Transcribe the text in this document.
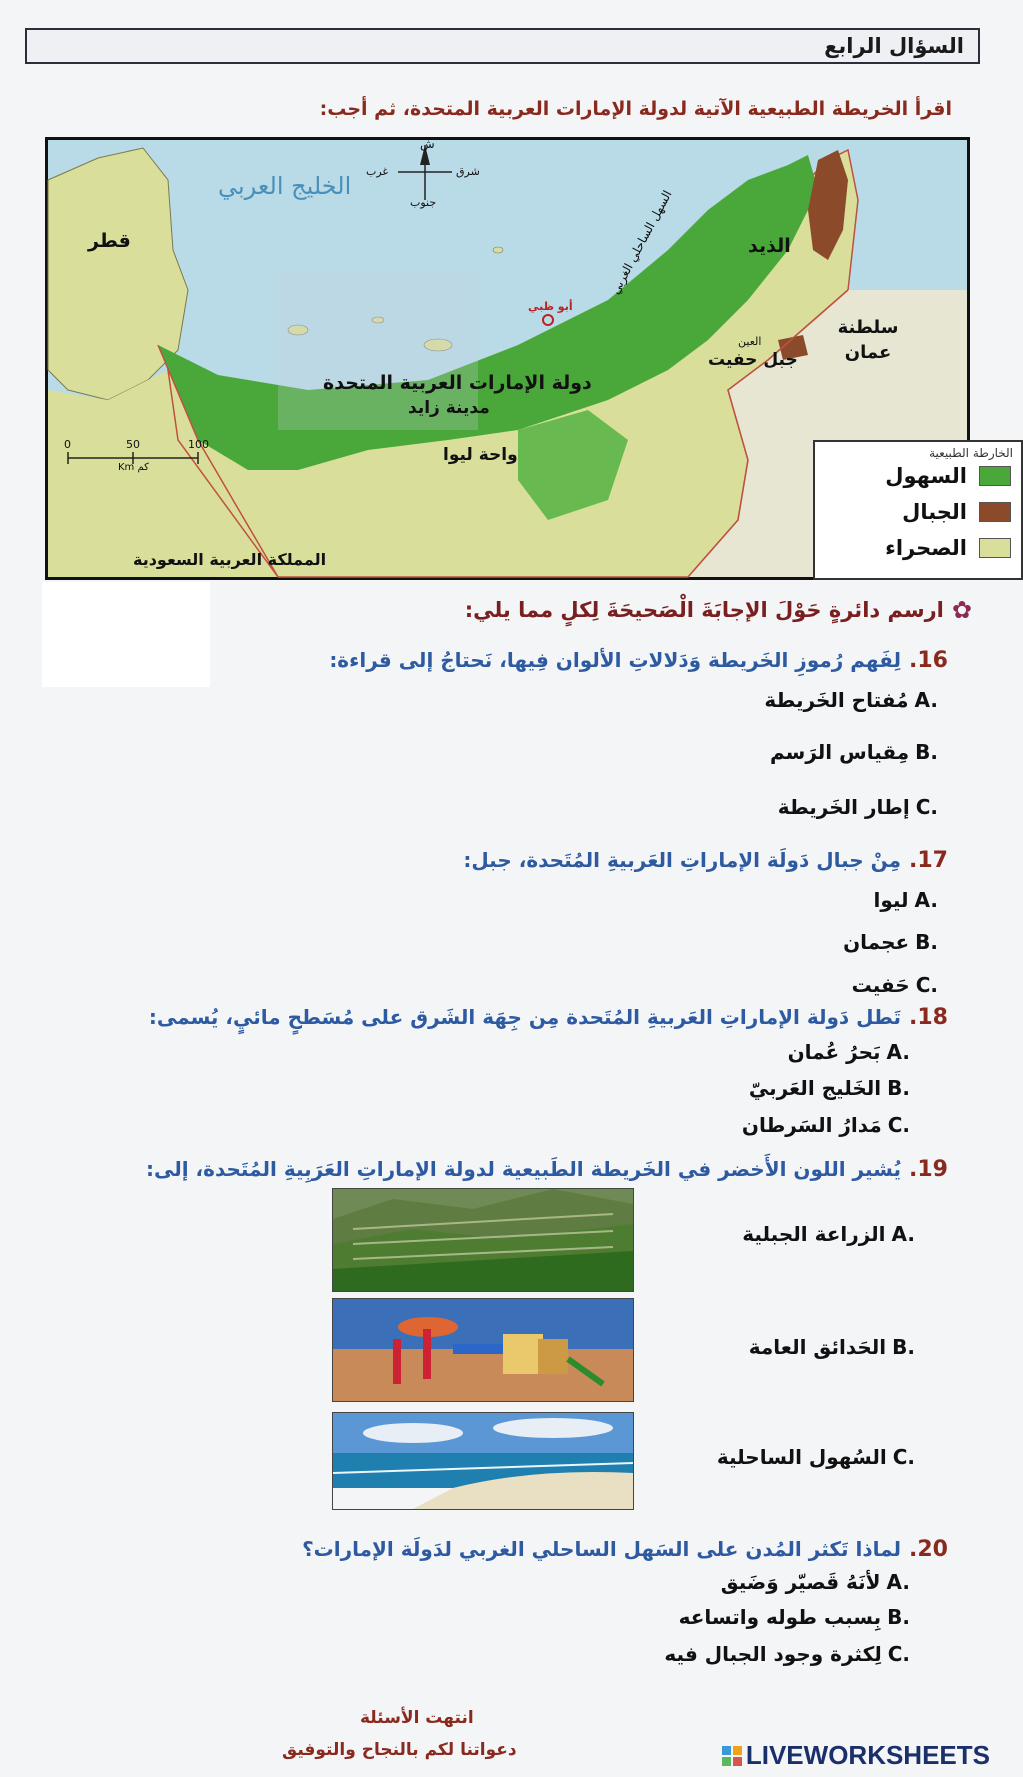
السؤال الرابع
اقرأ الخريطة الطبيعية الآتية لدولة الإمارات العربية المتحدة، ثم أجب:
ش
جنوب
شرق
غرب
الخليج العربي
قطر
دولة الإمارات العربية المتحدة
مدينة زايد
واحة ليوا
المملكة العربية السعودية
سلطنة عمان
الذيد
جبل حفيت
أبو ظبي
العين
السهل الساحلي الغربي
0	50	100
Km كم
الخارطة الطبيعية
السهول
الجبال
الصحراء
✿
ارسم دائرةٍ حَوْلَ الإجابَةَ الْصَحيحَةَ لِكلٍ مما يلي:
16.
لِفَهم رُموزِ الخَريطة وَدَلالاتِ الألوان فِيها، نَحتاجُ إلى قراءة:
A.
مُفتاح الخَريطة
B.
مِقياس الرَسم
C.
إطار الخَريطة
17.
مِنْ جبال دَولَة الإماراتِ العَربيةِ المُتَحدة، جبل:
A.
ليوا
B.
عجمان
C.
حَفيت
18.
تَطل دَولة الإماراتِ العَربيةِ المُتَحدة مِن جِهَة الشَرق على مُسَطحٍ مائيٍ، يُسمى:
A.
بَحرُ عُمان
B.
الخَليج العَربيّ
C.
مَدارُ السَرطان
19.
يُشير اللون الأَخضر في الخَريطة الطَبيعية لدولة الإماراتِ العَرَبِيةِ المُتَحدة، إلى:
A.
الزراعة الجبلية
B.
الحَدائق العامة
C.
السُهول الساحلية
20.
لماذا تَكثر المُدن على السَهل الساحلي الغربي لدَولَة الإمارات؟
A.
لأنَهُ قَصيّر وَضَيق
B.
بِسبب طوله واتساعه
C.
لِكثرة وجود الجبال فيه
انتهت الأسئلة
دعواتنا لكم بالنجاح والتوفيق	LIVEWORKSHEETS
